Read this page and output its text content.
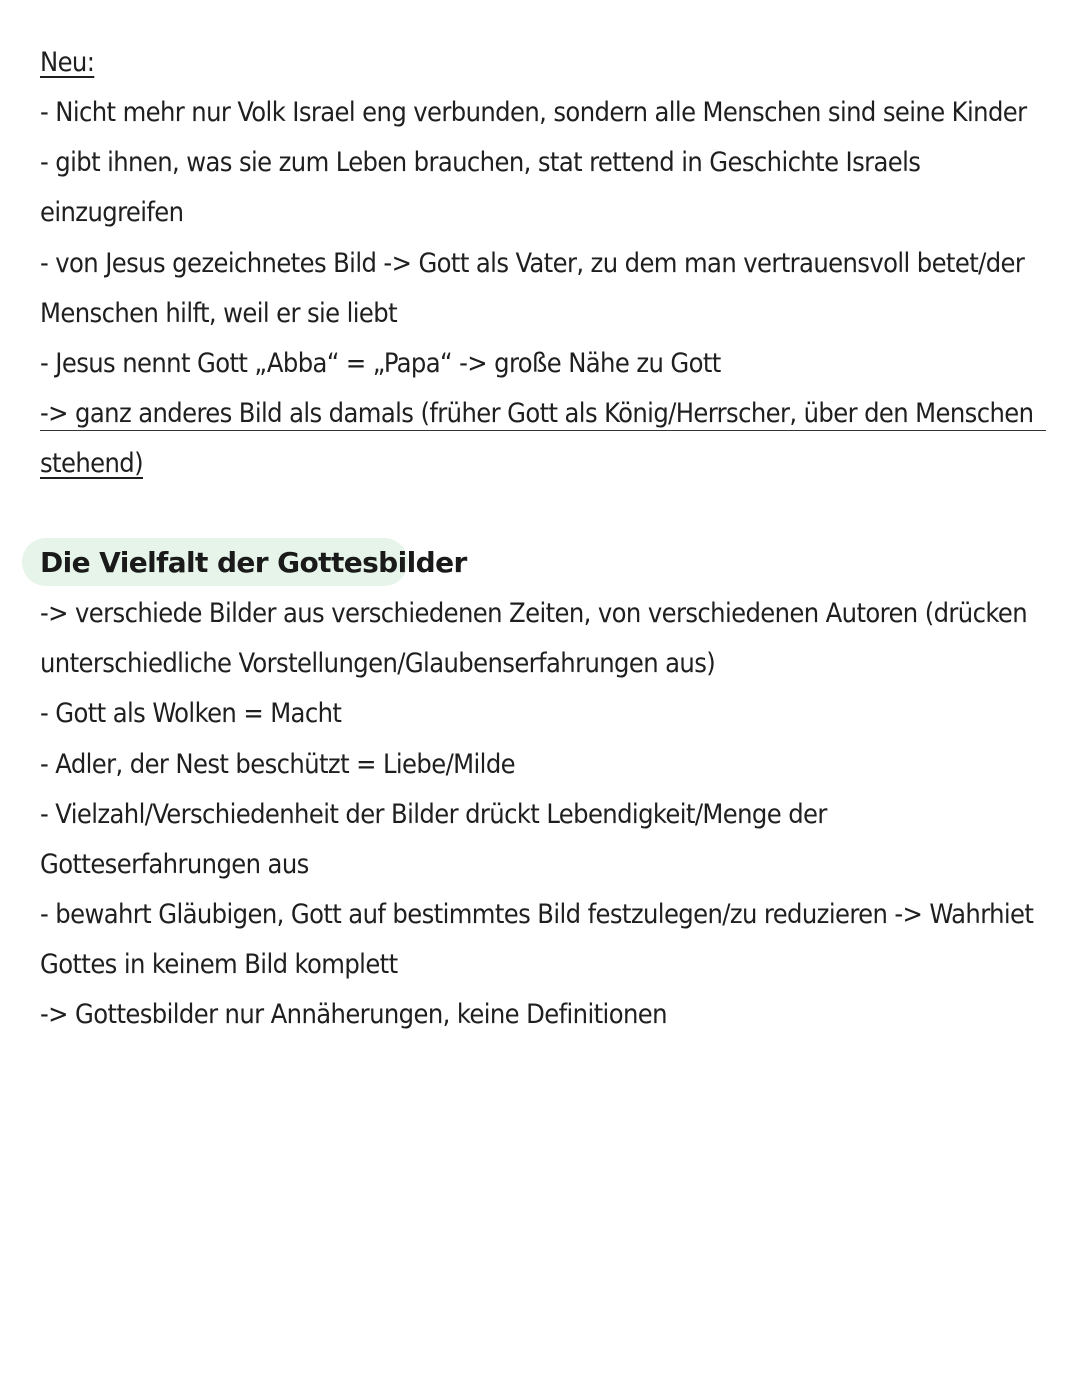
Neu:
- Nicht mehr nur Volk Israel eng verbunden, sondern alle Menschen sind seine Kinder
- gibt ihnen, was sie zum Leben brauchen, stat rettend in Geschichte Israels
einzugreifen
- von Jesus gezeichnetes Bild -> Gott als Vater, zu dem man vertrauensvoll betet/der
Menschen hilft, weil er sie liebt
- Jesus nennt Gott „Abba“ = „Papa“ -> große Nähe zu Gott
-> ganz anderes Bild als damals (früher Gott als König/Herrscher, über den Menschen
stehend)
Die Vielfalt der Gottesbilder
-> verschiede Bilder aus verschiedenen Zeiten, von verschiedenen Autoren (drücken
unterschiedliche Vorstellungen/Glaubenserfahrungen aus)
- Gott als Wolken = Macht
- Adler, der Nest beschützt = Liebe/Milde
- Vielzahl/Verschiedenheit der Bilder drückt Lebendigkeit/Menge der
Gotteserfahrungen aus
- bewahrt Gläubigen, Gott auf bestimmtes Bild festzulegen/zu reduzieren -> Wahrhiet
Gottes in keinem Bild komplett
-> Gottesbilder nur Annäherungen, keine Definitionen
